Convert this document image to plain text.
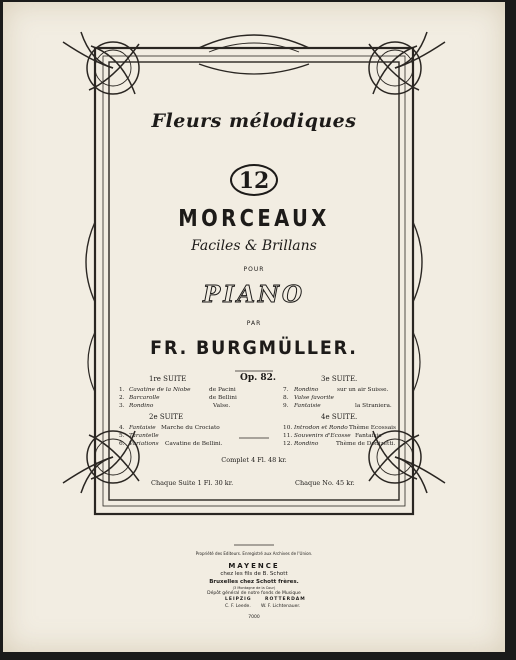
Fleurs mélodiques
12
MORCEAUX
Faciles & Brillans
POUR
PIANO
PAR
FR. BURGMÜLLER.
Op. 82.
1re SUITE
1. Cavatine de la Niobe	de Pacini
2. Barcarolle	de Bellini
3. Rondino	Valse.
2e SUITE
4. Fantaisie Marche du Crociato
5. Tarantelle
6. Variations Cavatine de Bellini.
3e SUITE.
7. Rondino	sur un air Suisse.
8. Valse favorite
9. Fantaisie	la Straniera.
4e SUITE.
10. Introdon et Rondo Thème Ecossais
11. Souvenirs d'Ecosse Fantaisie
12. Rondino	Thème de Donizetti.
Complet 4 Fl. 48 kr.
Chaque Suite 1 Fl. 30 kr.	Chaque No. 45 kr.
Propriété des Editeurs. Enregistré aux Archives de l'Union.
MAYENCE
chez les fils de B. Schott
Bruxelles chez Schott frères.
(3 Montagne de la Cour)
Dépôt général de notre fonds de Musique
LEIPZIG	ROTTERDAM
C. F. Leede. W. F. Lichtenauer.
7000
